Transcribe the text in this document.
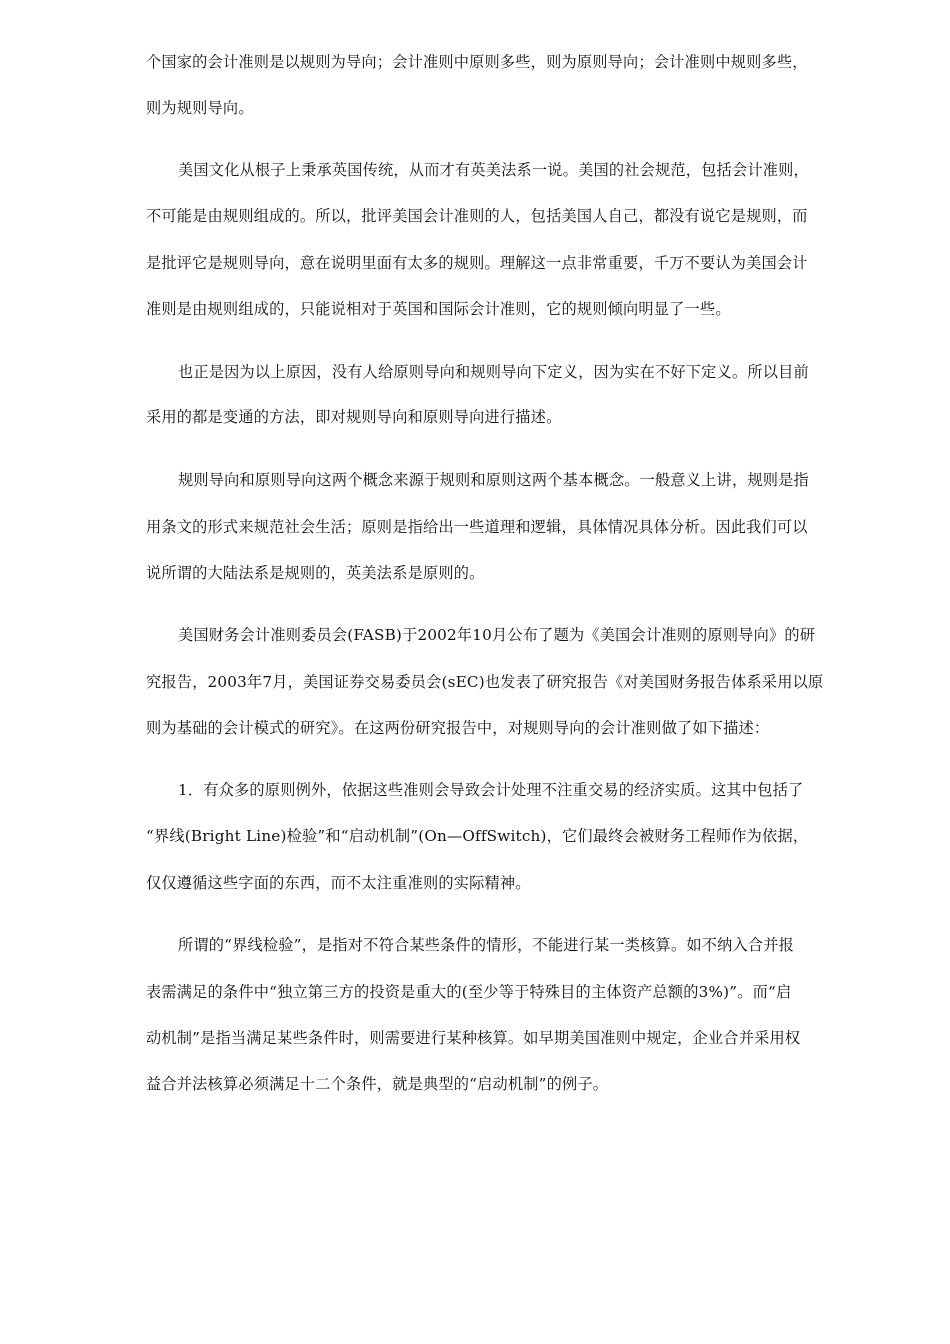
个国家的会计准则是以规则为导向；会计准则中原则多些，则为原则导向；会计准则中规则多些，
则为规则导向。
美国文化从根子上秉承英国传统，从而才有英美法系一说。美国的社会规范，包括会计准则，
不可能是由规则组成的。所以，批评美国会计准则的人，包括美国人自己，都没有说它是规则，而
是批评它是规则导向，意在说明里面有太多的规则。理解这一点非常重要，千万不要认为美国会计
准则是由规则组成的，只能说相对于英国和国际会计准则，它的规则倾向明显了一些。
也正是因为以上原因，没有人给原则导向和规则导向下定义，因为实在不好下定义。所以目前
采用的都是变通的方法，即对规则导向和原则导向进行描述。
规则导向和原则导向这两个概念来源于规则和原则这两个基本概念。一般意义上讲，规则是指
用条文的形式来规范社会生活；原则是指给出一些道理和逻辑，具体情况具体分析。因此我们可以
说所谓的大陆法系是规则的，英美法系是原则的。
美国财务会计准则委员会(FASB)于2002年10月公布了题为《美国会计准则的原则导向》的研
究报告，2003年7月，美国证券交易委员会(sEC)也发表了研究报告《对美国财务报告体系采用以原
则为基础的会计模式的研究》。在这两份研究报告中，对规则导向的会计准则做了如下描述：
1．有众多的原则例外，依据这些准则会导致会计处理不注重交易的经济实质。这其中包括了
“界线(Bright Line)检验”和“启动机制”(On—OffSwitch)，它们最终会被财务工程师作为依据，
仅仅遵循这些字面的东西，而不太注重准则的实际精神。
所谓的“界线检验”，是指对不符合某些条件的情形，不能进行某一类核算。如不纳入合并报
表需满足的条件中“独立第三方的投资是重大的(至少等于特殊目的主体资产总额的3%)”。而“启
动机制”是指当满足某些条件时，则需要进行某种核算。如早期美国准则中规定，企业合并采用权
益合并法核算必须满足十二个条件，就是典型的“启动机制”的例子。
